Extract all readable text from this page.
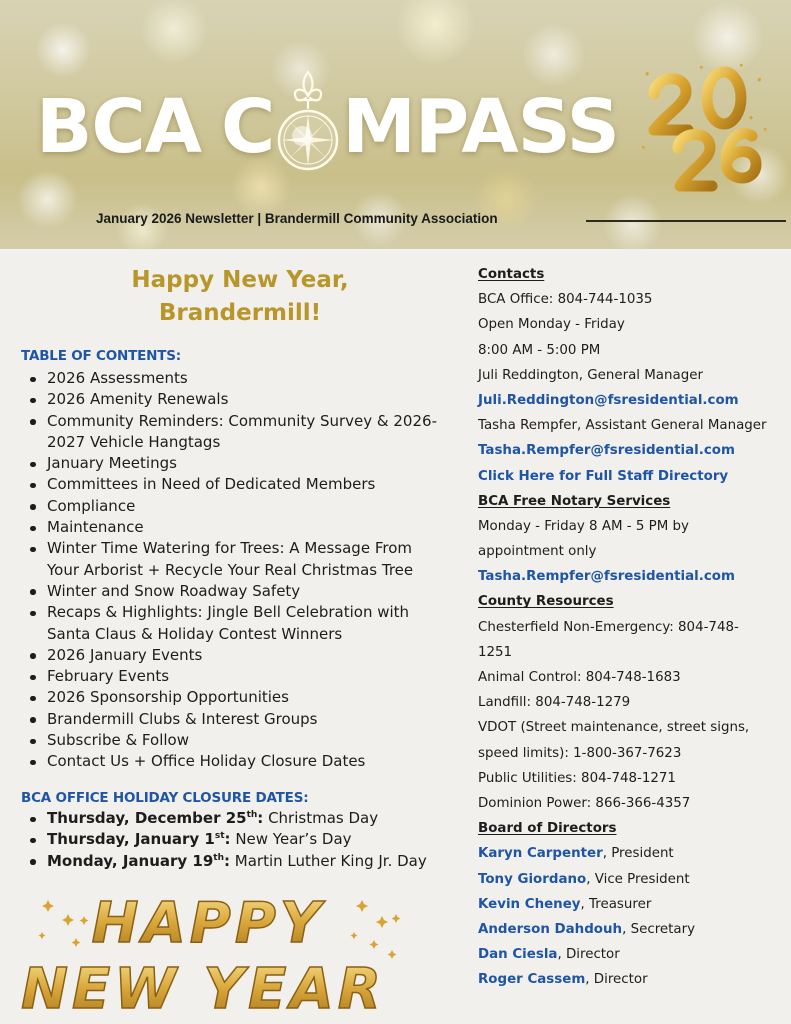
BCA C MPASS
January 2026 Newsletter | Brandermill Community Association
Happy New Year,
Brandermill!
TABLE OF CONTENTS:
2026 Assessments
2026 Amenity Renewals
Community Reminders: Community Survey & 2026-2027 Vehicle Hangtags
January Meetings
Committees in Need of Dedicated Members
Compliance
Maintenance
Winter Time Watering for Trees: A Message From Your Arborist + Recycle Your Real Christmas Tree
Winter and Snow Roadway Safety
Recaps & Highlights: Jingle Bell Celebration with Santa Claus & Holiday Contest Winners
2026 January Events
February Events
2026 Sponsorship Opportunities
Brandermill Clubs & Interest Groups
Subscribe & Follow
Contact Us + Office Holiday Closure Dates
BCA OFFICE HOLIDAY CLOSURE DATES:
Thursday, December 25th: Christmas Day
Thursday, January 1st: New Year’s Day
Monday, January 19th: Martin Luther King Jr. Day
HAPPY
NEW YEAR
Contacts
BCA Office: 804-744-1035
Open Monday - Friday
8:00 AM - 5:00 PM
Juli Reddington, General Manager
Juli.Reddington@fsresidential.com
Tasha Rempfer, Assistant General Manager
Tasha.Rempfer@fsresidential.com
Click Here for Full Staff Directory
BCA Free Notary Services
Monday - Friday 8 AM - 5 PM by
appointment only
Tasha.Rempfer@fsresidential.com
County Resources
Chesterfield Non-Emergency: 804-748-
1251
Animal Control: 804-748-1683
Landfill: 804-748-1279
VDOT (Street maintenance, street signs,
speed limits): 1-800-367-7623
Public Utilities: 804-748-1271
Dominion Power: 866-366-4357
Board of Directors
Karyn Carpenter, President
Tony Giordano, Vice President
Kevin Cheney, Treasurer
Anderson Dahdouh, Secretary
Dan Ciesla, Director
Roger Cassem, Director
